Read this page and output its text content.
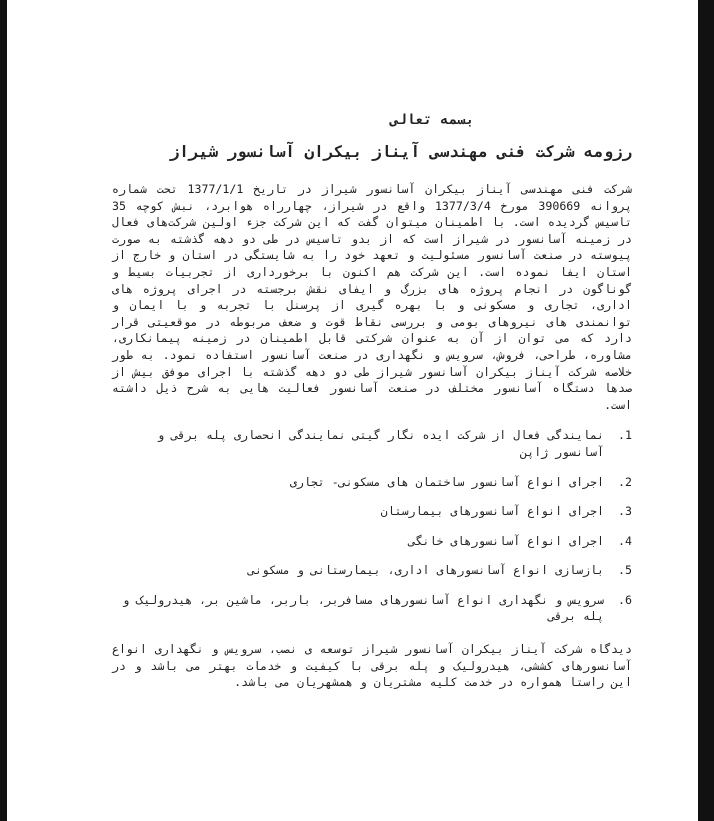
بسمه تعالی
رزومه شرکت فنی مهندسی آیناز بیکران آسانسور شیراز

شرکت فنی مهندسی آیناز بیکران آسانسور شیراز در تاریخ 1377/1/1 تحت شماره پروانه 390669 مورخ 1377/3/4 واقع در شیراز، چهارراه هوابرد، نبش کوچه 35 تاسیس گردیده است. با اطمینان میتوان گفت که این شرکت جزء اولین شرکت‌های فعال در زمینه آسانسور در شیراز است که از بدو تاسیس در طی دو دهه گذشته به صورت پیوسته در صنعت آسانسور مسئولیت و تعهد خود را به شایستگی در استان و خارج از استان ایفا نموده است. این شرکت هم اکنون با برخورداری از تجربیات بسیط و گوناگون در انجام پروژه های بزرگ و ایفای نقش برجسته در اجرای پروژه های اداری، تجاری و مسکونی و با بهره گیری از پرسنل با تجربه و با ایمان و توانمندی های نیروهای بومی و بررسی نقاط قوت و ضعف مربوطه در موقعیتی قرار دارد که می توان از آن به عنوان شرکتی قابل اطمینان در زمینه پیمانکاری، مشاوره، طراحی، فروش، سرویس و نگهداری در صنعت آسانسور استفاده نمود. به طور خلاصه شرکت آیناز بیکران آسانسور شیراز طی دو دهه گذشته با اجرای موفق بیش از صدها دستگاه آسانسور مختلف در صنعت آسانسور فعالیت هایی به شرح ذیل داشته است.

1.
نمایندگی فعال از شرکت ایده نگار گیتی نمایندگی انحصاری پله برقی و آسانسور ژاپن
2.
اجرای انواع آسانسور ساختمان های مسکونی- تجاری
3.
اجرای انواع آسانسورهای بیمارستان
4.
اجرای انواع آسانسورهای خانگی
5.
بازسازی انواع آسانسورهای اداری، بیمارستانی و مسکونی
6.
سرویس و نگهداری انواع آسانسورهای مسافربر، باربر، ماشین بر، هیدرولیک و پله برقی

دیدگاه شرکت آیناز بیکران آسانسور شیراز توسعه ی نصب، سرویس و نگهداری انواع آسانسورهای کششی، هیدرولیک و پله برقی با کیفیت و خدمات بهتر می باشد و در این راستا همواره در خدمت کلیه مشتریان و همشهریان می باشد.
